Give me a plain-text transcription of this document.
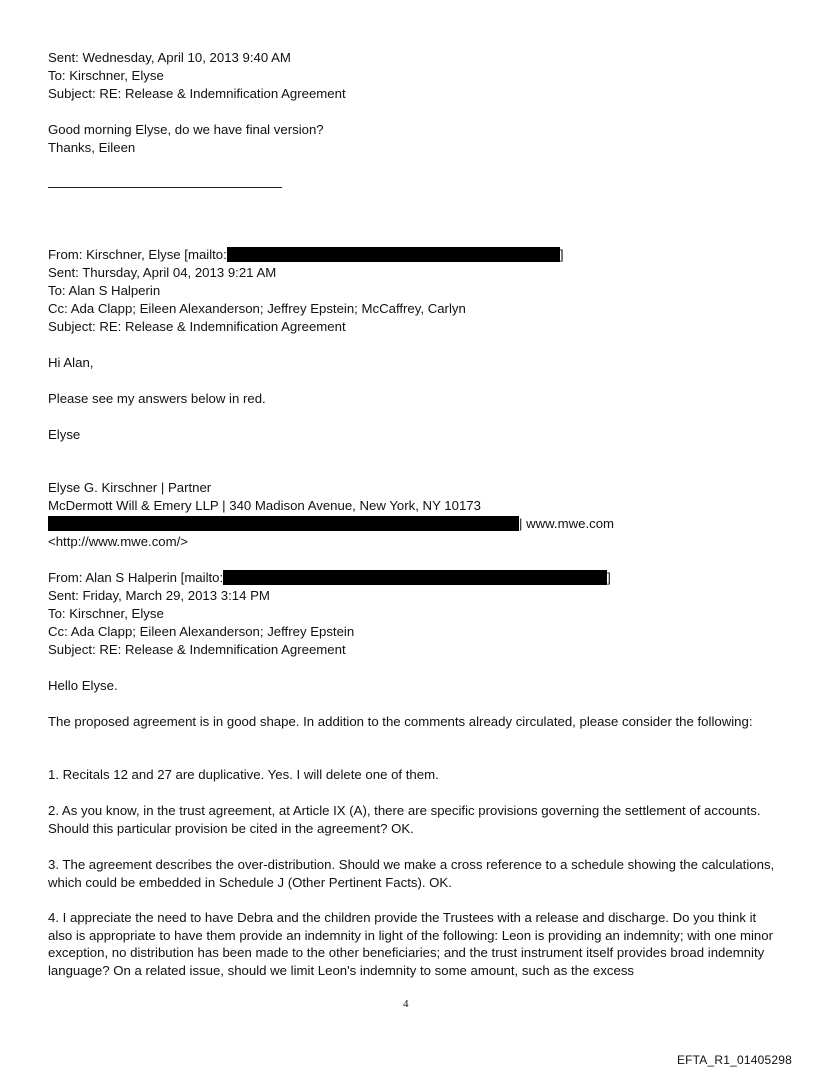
Sent: Wednesday, April 10, 2013 9:40 AM
To: Kirschner, Elyse
Subject: RE: Release & Indemnification Agreement
Good morning Elyse, do we have final version?
Thanks, Eileen
From: Kirschner, Elyse [mailto:	]
Sent: Thursday, April 04, 2013 9:21 AM
To: Alan S Halperin
Cc: Ada Clapp; Eileen Alexanderson; Jeffrey Epstein; McCaffrey, Carlyn
Subject: RE: Release & Indemnification Agreement
Hi Alan,
Please see my answers below in red.
Elyse
Elyse G. Kirschner | Partner
McDermott Will & Emery LLP | 340 Madison Avenue, New York, NY 10173
| www.mwe.com
<http://www.mwe.com/>
From: Alan S Halperin [mailto:	]
Sent: Friday, March 29, 2013 3:14 PM
To: Kirschner, Elyse
Cc: Ada Clapp; Eileen Alexanderson; Jeffrey Epstein
Subject: RE: Release & Indemnification Agreement
Hello Elyse.
The proposed agreement is in good shape. In addition to the comments already circulated, please consider the following:
1. Recitals 12 and 27 are duplicative. Yes. I will delete one of them.
2. As you know, in the trust agreement, at Article IX (A), there are specific provisions governing the settlement of accounts. Should this particular provision be cited in the agreement? OK.
3. The agreement describes the over-distribution. Should we make a cross reference to a schedule showing the calculations, which could be embedded in Schedule J (Other Pertinent Facts). OK.
4. I appreciate the need to have Debra and the children provide the Trustees with a release and discharge. Do you think it also is appropriate to have them provide an indemnity in light of the following: Leon is providing an indemnity; with one minor exception, no distribution has been made to the other beneficiaries; and the trust instrument itself provides broad indemnity language? On a related issue, should we limit Leon's indemnity to some amount, such as the excess
4
EFTA_R1_01405298
